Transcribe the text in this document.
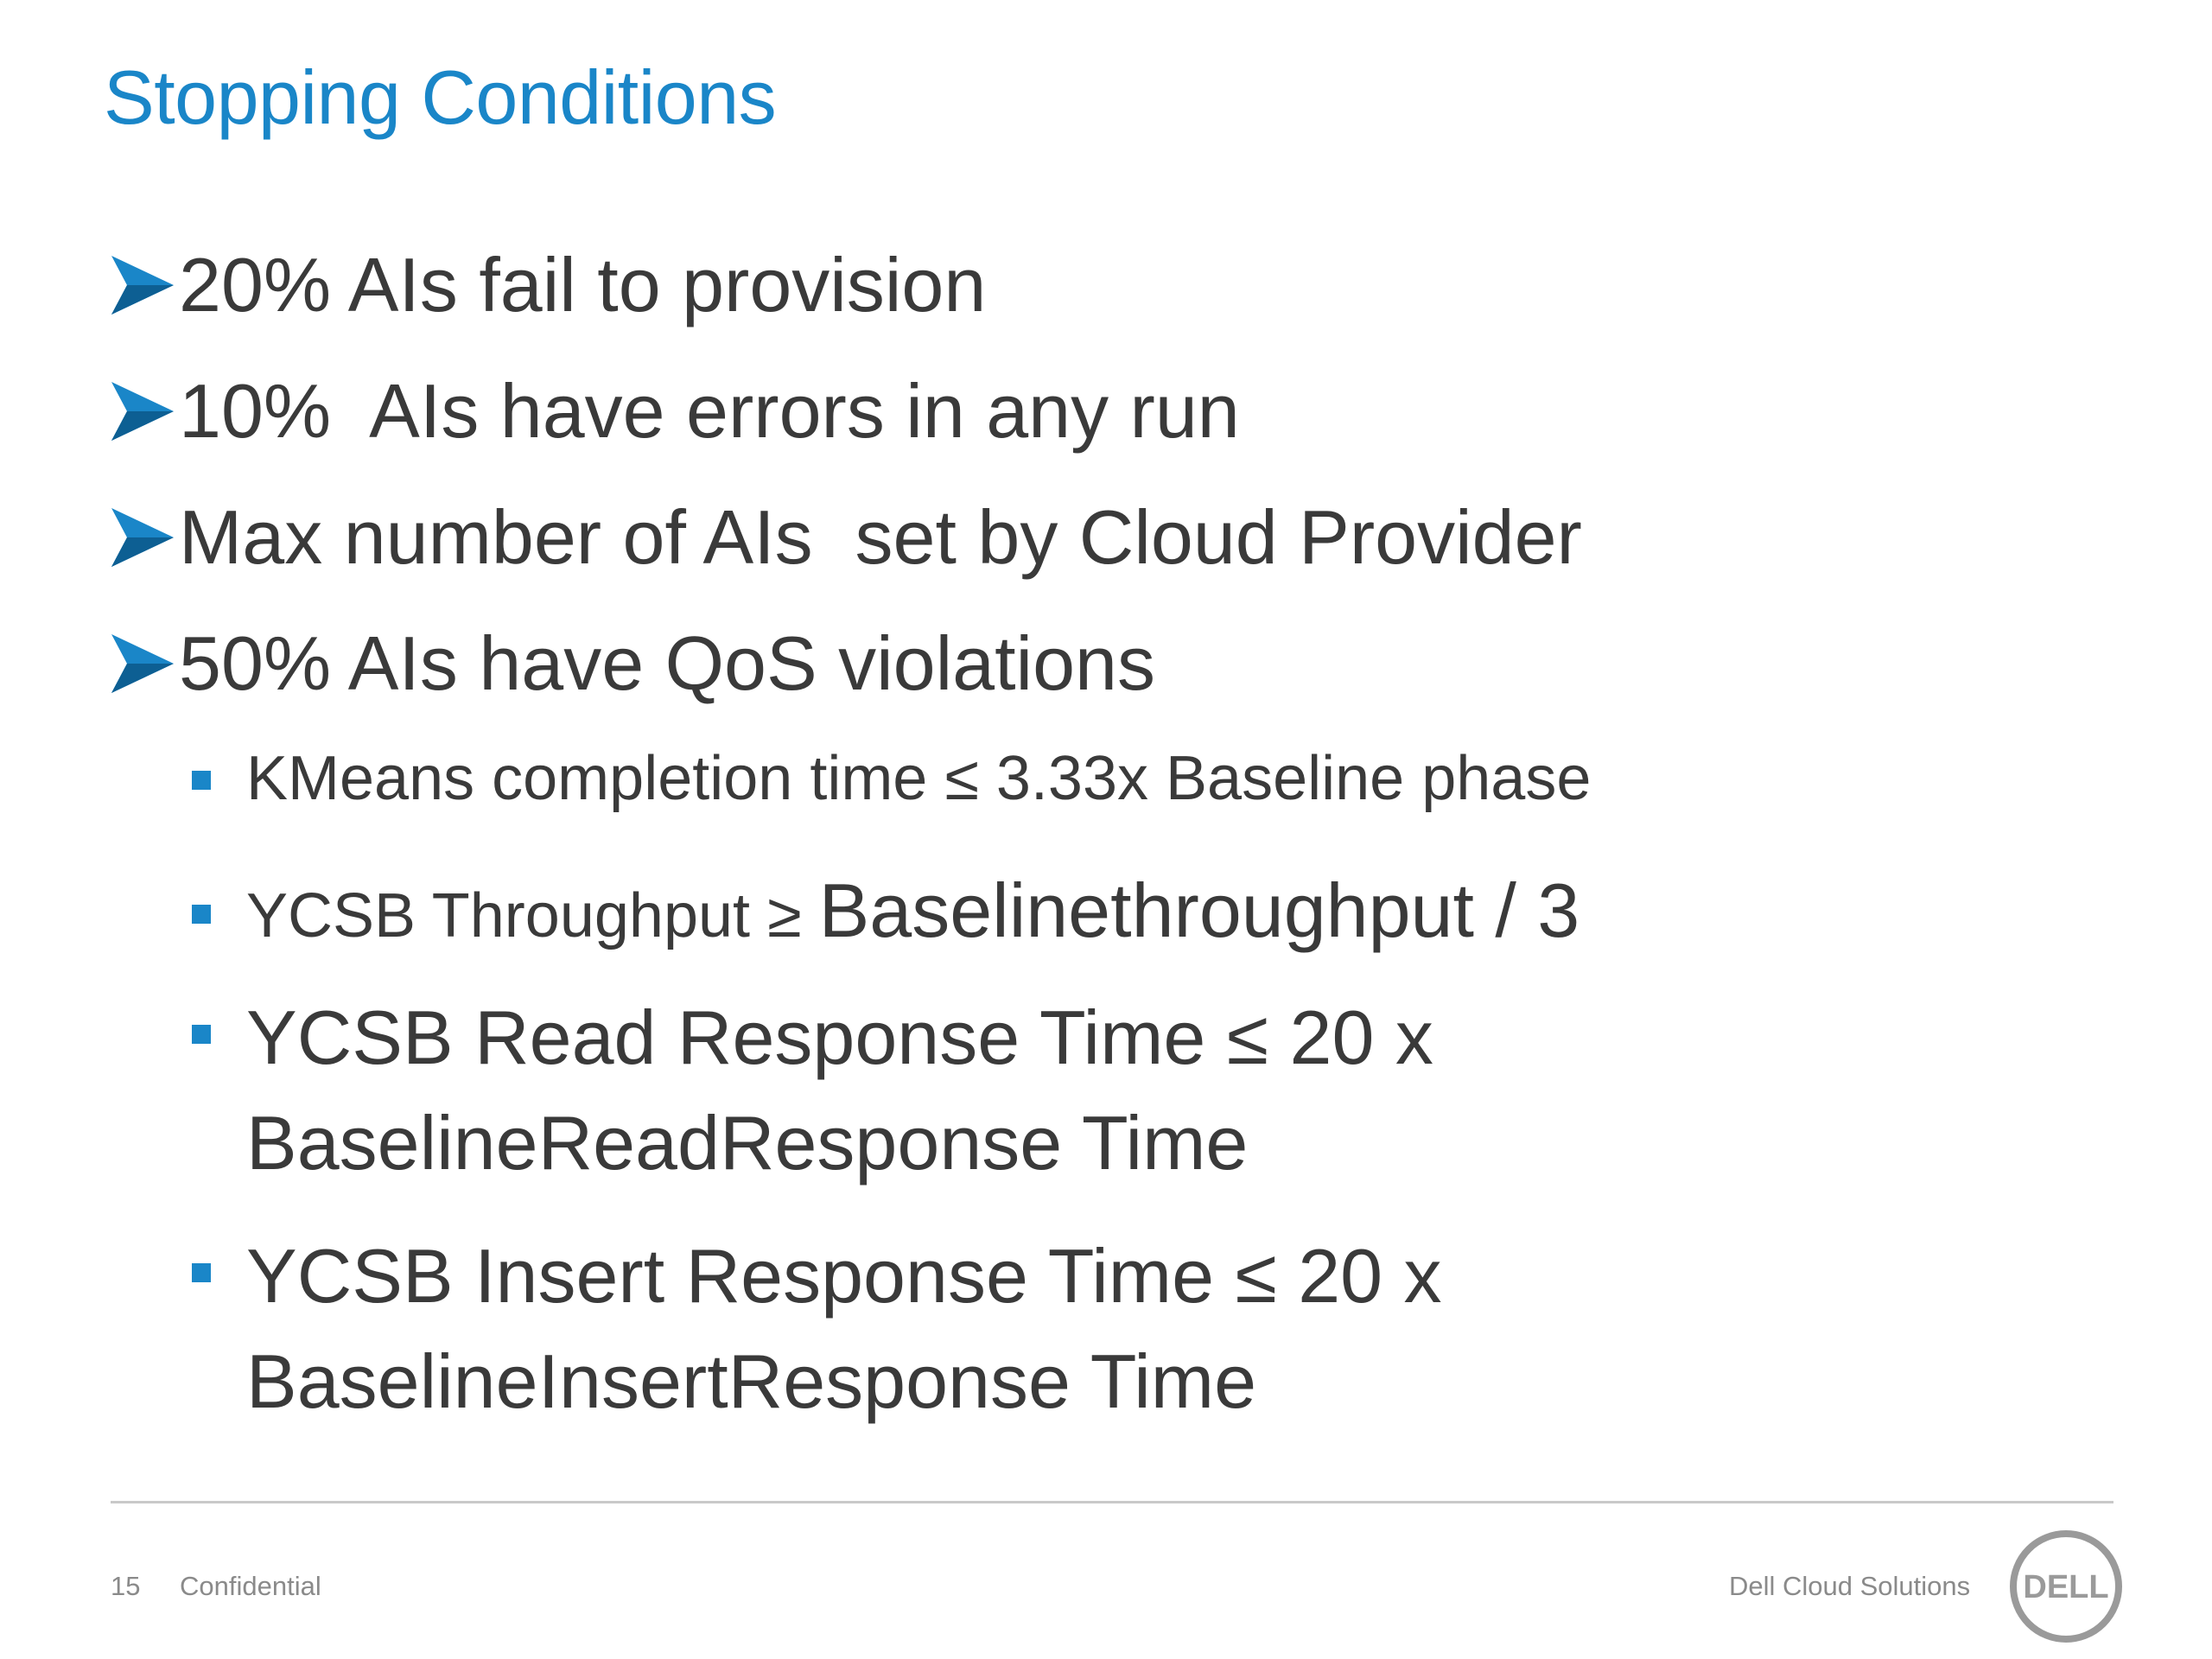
Stopping Conditions
20% AIs fail to provision
10%  AIs have errors in any run
Max number of AIs  set by Cloud Provider
50% AIs have QoS violations
KMeans completion time ≤ 3.33x Baseline phase
YCSB Throughput ≥ Baselinethroughput / 3
YCSB Read Response Time ≤ 20 x
BaselineReadResponse Time
YCSB Insert Response Time ≤ 20 x
BaselineInsertResponse Time
15 Confidential	Dell Cloud Solutions DELL
